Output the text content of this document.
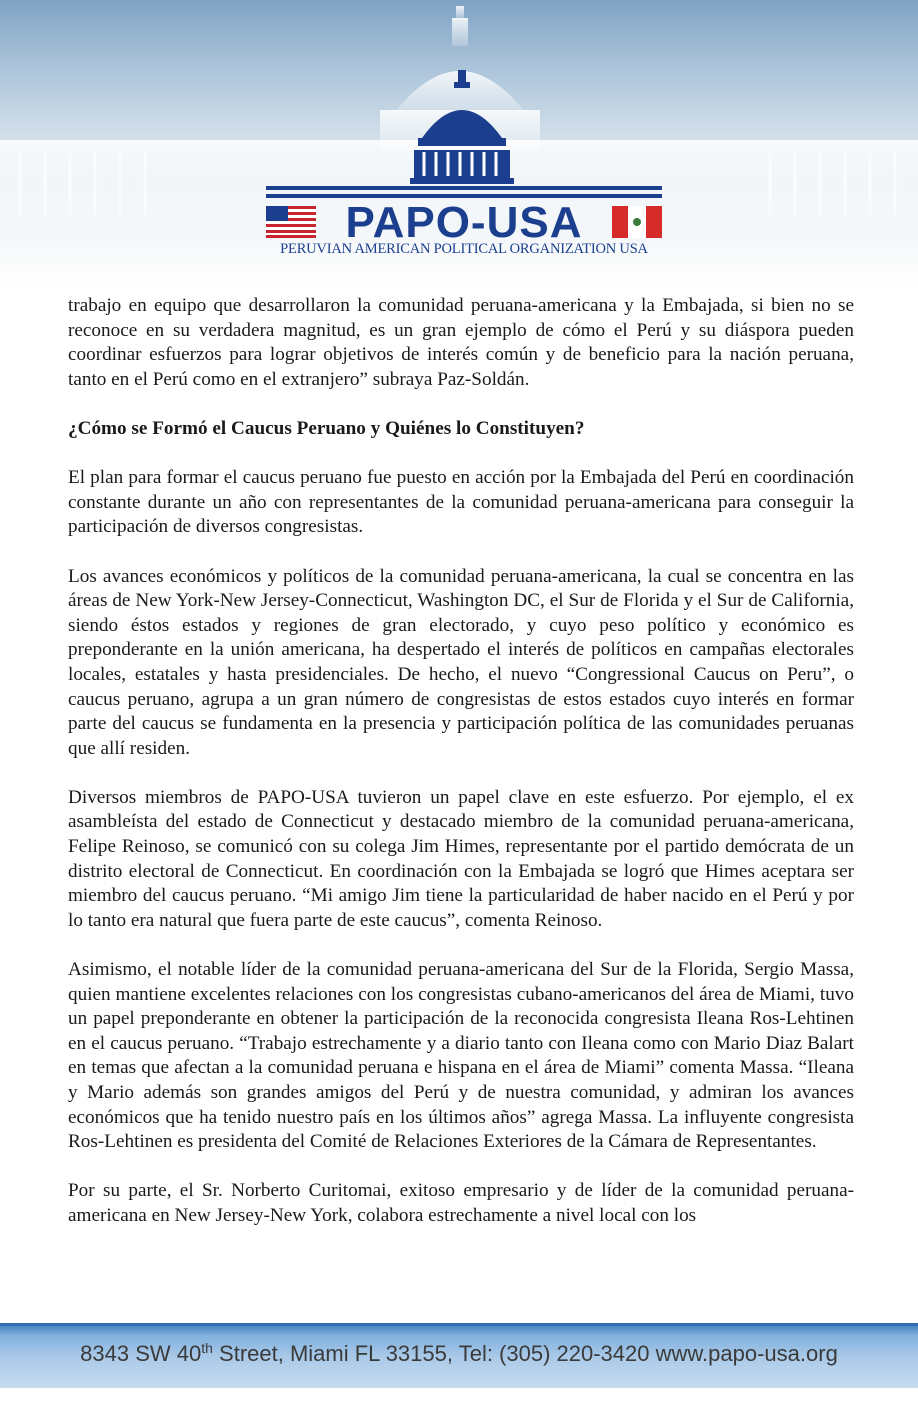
PAPO-USA
PERUVIAN AMERICAN POLITICAL ORGANIZATION USA

trabajo en equipo que desarrollaron la comunidad peruana-americana y la Embajada, si bien no se reconoce en su verdadera magnitud, es un gran ejemplo de cómo el Perú y su diáspora pueden coordinar esfuerzos para lograr objetivos de interés común y de beneficio para la nación peruana, tanto en el Perú como en el extranjero” subraya Paz-Soldán.

¿Cómo se Formó el Caucus Peruano y Quiénes lo Constituyen?

El plan para formar el caucus peruano fue puesto en acción por la Embajada del Perú en coordinación constante durante un año con representantes de la comunidad peruana-americana para conseguir la participación de diversos congresistas.

Los avances económicos y políticos de la comunidad peruana-americana, la cual se concentra en las áreas de New York-New Jersey-Connecticut, Washington DC, el Sur de Florida y el Sur de California, siendo éstos estados y regiones de gran electorado, y cuyo peso político y económico es preponderante en la unión americana, ha despertado el interés de políticos en campañas electorales locales, estatales y hasta presidenciales. De hecho, el nuevo “Congressional Caucus on Peru”, o caucus peruano, agrupa a un gran número de congresistas de estos estados cuyo interés en formar parte del caucus se fundamenta en la presencia y participación política de las comunidades peruanas que allí residen.

Diversos miembros de PAPO-USA tuvieron un papel clave en este esfuerzo. Por ejemplo, el ex asambleísta del estado de Connecticut y destacado miembro de la comunidad peruana-americana, Felipe Reinoso, se comunicó con su colega Jim Himes, representante por el partido demócrata de un distrito electoral de Connecticut. En coordinación con la Embajada se logró que Himes aceptara ser miembro del caucus peruano. “Mi amigo Jim tiene la particularidad de haber nacido en el Perú y por lo tanto era natural que fuera parte de este caucus”, comenta Reinoso.

Asimismo, el notable líder de la comunidad peruana-americana del Sur de la Florida, Sergio Massa, quien mantiene excelentes relaciones con los congresistas cubano-americanos del área de Miami, tuvo un papel preponderante en obtener la participación de la reconocida congresista Ileana Ros-Lehtinen en el caucus peruano. “Trabajo estrechamente y a diario tanto con Ileana como con Mario Diaz Balart en temas que afectan a la comunidad peruana e hispana en el área de Miami” comenta Massa. “Ileana y Mario además son grandes amigos del Perú y de nuestra comunidad, y admiran los avances económicos que ha tenido nuestro país en los últimos años” agrega Massa. La influyente congresista Ros-Lehtinen es presidenta del Comité de Relaciones Exteriores de la Cámara de Representantes.

Por su parte, el Sr. Norberto Curitomai, exitoso empresario y de líder de la comunidad peruana-americana en New Jersey-New York, colabora estrechamente a nivel local con los

8343 SW 40th Street, Miami FL 33155, Tel: (305) 220-3420 www.papo-usa.org
